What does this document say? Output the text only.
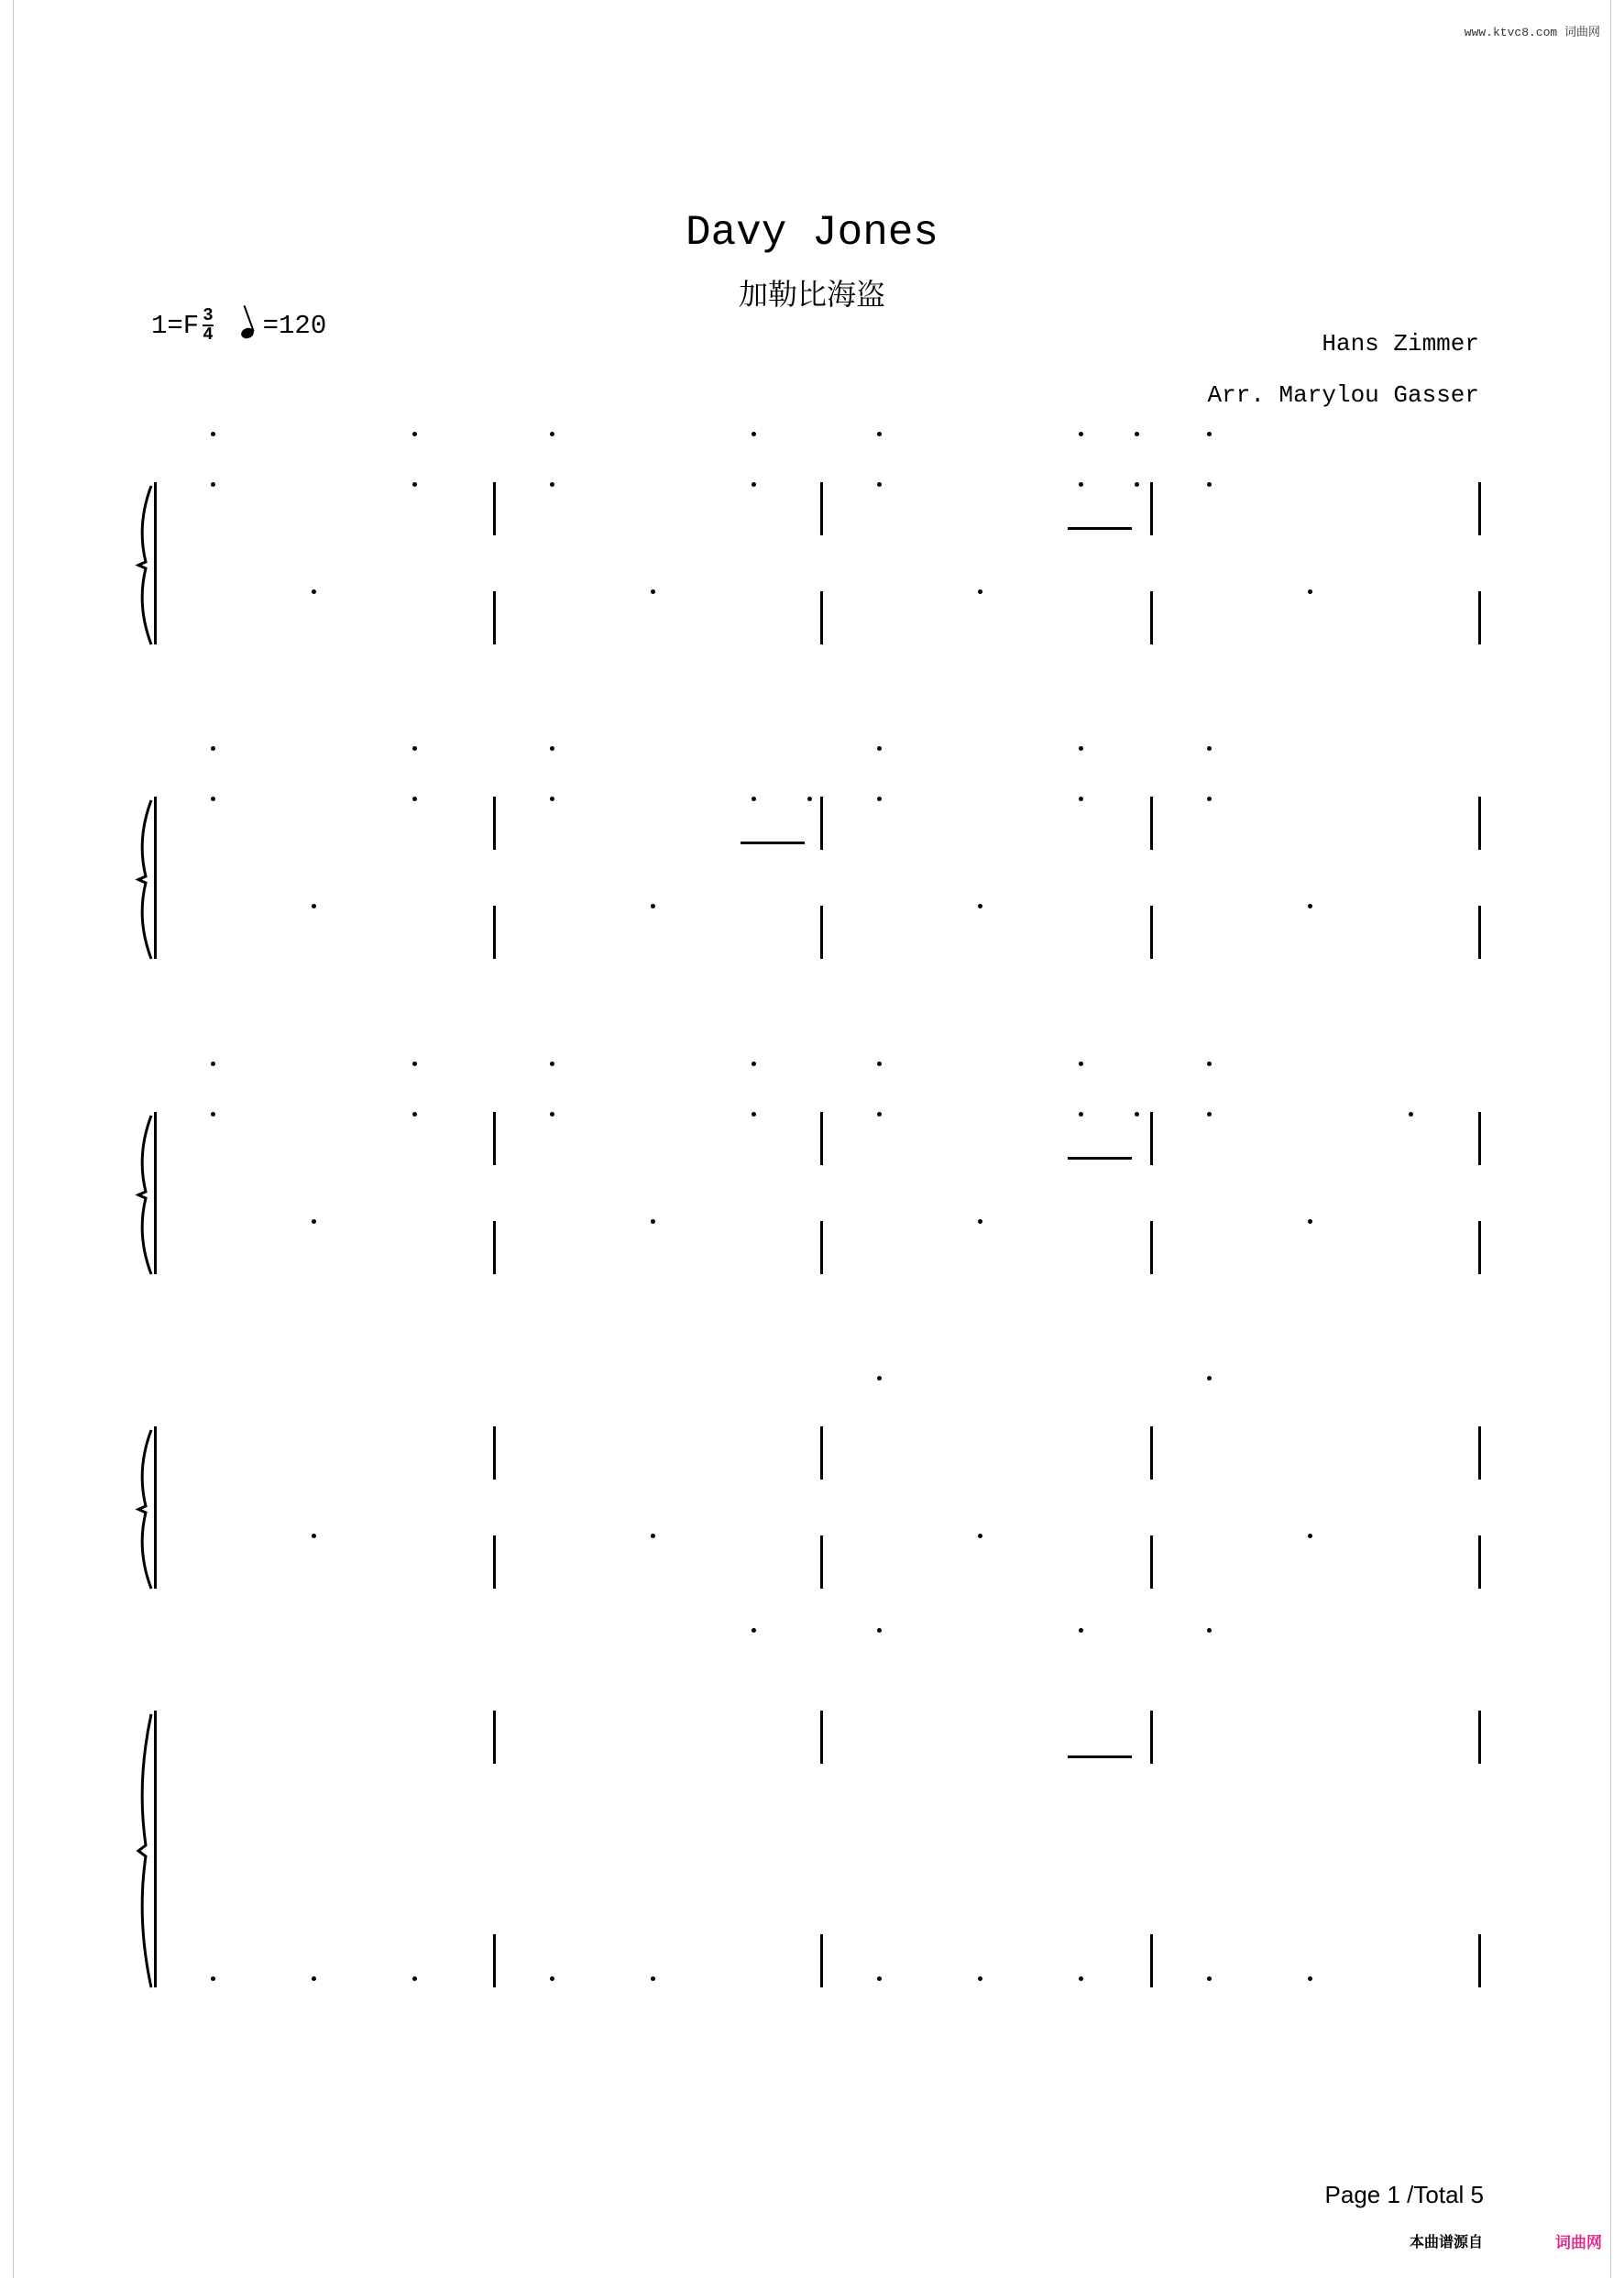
www.ktvc8.com 词曲网
Davy Jones
加勒比海盗
$1=F \frac{3}{4} =120$
Hans Zimmer
Arr. Marylou Gasser
Page 1 /Total 5
本曲谱源自	词曲网
